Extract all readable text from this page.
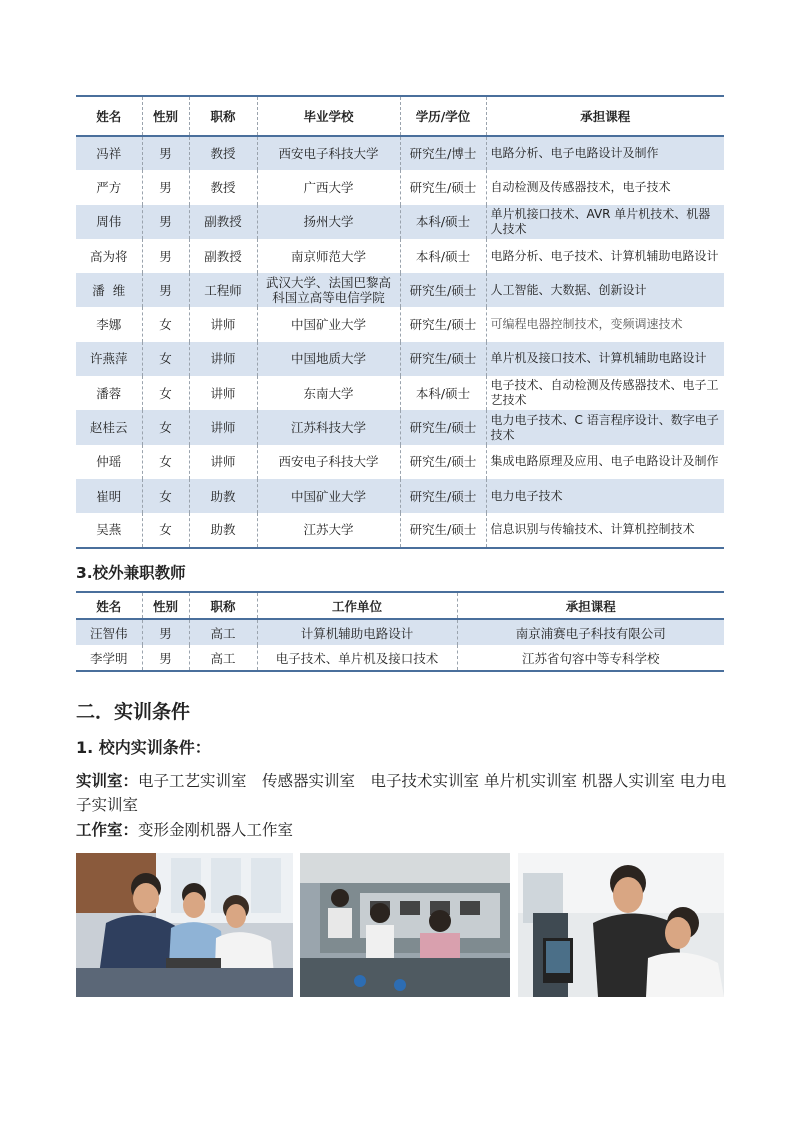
姓名	性别	职称	毕业学校	学历/学位	承担课程
冯祥	男	教授	西安电子科技大学	研究生/博士	电路分析、电子电路设计及制作
严方	男	教授	广西大学	研究生/硕士	自动检测及传感器技术，电子技术
周伟	男	副教授	扬州大学	本科/硕士	单片机接口技术、AVR 单片机技术、机器人技术
高为将	男	副教授	南京师范大学	本科/硕士	电路分析、电子技术、计算机辅助电路设计
潘  维	男	工程师	武汉大学、法国巴黎高科国立高等电信学院	研究生/硕士	人工智能、大数据、创新设计
李娜	女	讲师	中国矿业大学	研究生/硕士	可编程电器控制技术，变频调速技术
许燕萍	女	讲师	中国地质大学	研究生/硕士	单片机及接口技术、计算机辅助电路设计
潘蓉	女	讲师	东南大学	本科/硕士	电子技术、自动检测及传感器技术、电子工艺技术
赵桂云	女	讲师	江苏科技大学	研究生/硕士	电力电子技术、C 语言程序设计、数字电子技术
仲瑶	女	讲师	西安电子科技大学	研究生/硕士	集成电路原理及应用、电子电路设计及制作
崔明	女	助教	中国矿业大学	研究生/硕士	电力电子技术
吴燕	女	助教	江苏大学	研究生/硕士	信息识别与传输技术、计算机控制技术
3.校外兼职教师
姓名	性别	职称	工作单位	承担课程
汪智伟	男	高工	计算机辅助电路设计	南京浦赛电子科技有限公司
李学明	男	高工	电子技术、单片机及接口技术	江苏省句容中等专科学校
二．实训条件
1. 校内实训条件：

实训室：电子工艺实训室　传感器实训室　电子技术实训室 单片机实训室 机器人实训室 电力电子实训室

工作室：变形金刚机器人工作室
